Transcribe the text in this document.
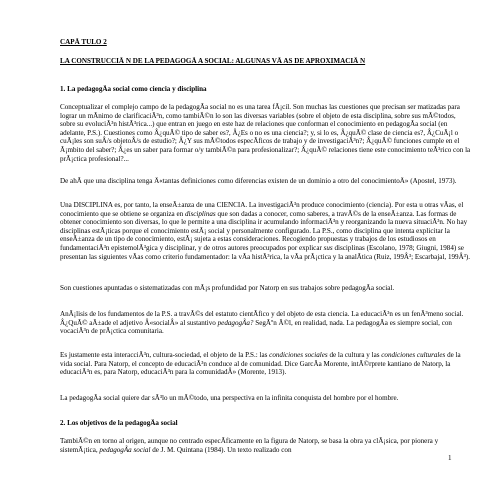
CAPÃ TULO 2

LA CONSTRUCCIÃ N DE LA PEDAGOGÃ A SOCIAL: ALGUNAS VÃ AS DE APROXIMACIÃ N

1. La pedagogÃa social como ciencia y disciplina

Conceptualizar el complejo campo de la pedagogÃa social no es una tarea fÃ¡cil. Son muchas las cuestiones que precisan ser matizadas para lograr un mÃnimo de clarificaciÃ³n, como tambiÃ©n lo son las diversas variables (sobre el objeto de esta disciplina, sobre sus mÃ©todos, sobre su evoluciÃ³n histÃ³rica...) que entran en juego en este haz de relaciones que conforman el conocimiento en pedagogÃa social (en adelante, P.S.). Cuestiones como Â¿quÃ© tipo de saber es?, Â¿Es o no es una ciencia?; y, si lo es, Â¿quÃ© clase de ciencia es?, Â¿CuÃ¡l o cuÃ¡les son suÂ/s objetoÂ/s de estudio?; Â¿Y sus mÃ©todos especÃficos de trabajo y de investigaciÃ³n?; Â¿quÃ© funciones cumple en el Ã¡mbito del saber?; Â¿es un saber para formar o/y tambiÃ©n para profesionalizar?; Â¿quÃ© relaciones tiene este conocimiento teÃ³rico con la prÃ¡ctica profesional?...

De ahÃ que una disciplina tenga Â«tantas definiciones como diferencias existen de un dominio a otro del conocimientoÂ» (Apostel, 1973).

Una DISCIPLINA es, por tanto, la enseÃ±anza de una CIENCIA. La investigaciÃ³n produce conocimiento (ciencia). Por esta u otras vÃas, el conocimiento que se obtiene se organiza en disciplinas que son dadas a conocer, como saberes, a travÃ©s de la enseÃ±anza. Las formas de obtener conocimiento son diversas, lo que le permite a una disciplina ir acumulando informaciÃ³n y reorganizando la nueva situaciÃ³n. No hay disciplinas estÃ¡ticas porque el conocimiento estÃ¡ social y personalmente configurado. La P.S., como disciplina que intenta explicitar la enseÃ±anza de un tipo de conocimiento, estÃ¡ sujeta a estas consideraciones. Recogiendo propuestas y trabajos de los estudiosos en fundamentaciÃ³n epistemolÃ³gica y disciplinar, y de otros autores preocupados por explicar sus disciplinas (Escolano, 1978; Giugni, 1984) se presentan las siguientes vÃas como criterio fundamentador: la vÃa histÃ³rica, la vÃa prÃ¡ctica y la analÃtica (Ruiz, 199Â³; Escarbajal, 199Â³).

Son cuestiones apuntadas o sistematizadas con mÃ¡s profundidad por Natorp en sus trabajos sobre pedagogÃa social.

AnÃ¡lisis de los fundamentos de la P.S. a travÃ©s del estatuto cientÃfico y del objeto de esta ciencia. La educaciÃ³n es un fenÃ³meno social. Â¿QuÃ© aÃ±ade el adjetivo Â«socialÂ» al sustantivo pedagogÃa? SegÃºn Ã©l, en realidad, nada. La pedagogÃa es siempre social, con vocaciÃ³n de prÃ¡ctica comunitaria.

Es justamente esta interacciÃ³n, cultura-sociedad, el objeto de la P.S.: las condiciones sociales de la cultura y las condiciones culturales de la vida social. Para Natorp, el concepto de educaciÃ³n conduce al de comunidad. Dice GarcÃa Morente, intÃ©rprete kantiano de Natorp, la educaciÃ³n es, para Natorp, educaciÃ³n para la comunidadÂ» (Morente, 1913).

La pedagogÃa social quiere dar sÃ³lo un mÃ©todo, una perspectiva en la infinita conquista del hombre por el hombre.

2. Los objetivos de la pedagogÃa social

TambiÃ©n en torno al origen, aunque no centrado especÃficamente en la figura de Natorp, se basa la obra ya clÃ¡sica, por pionera y sistemÃ¡tica, pedagogÃa social de J. M. Quintana (1984). Un texto realizado con

1
